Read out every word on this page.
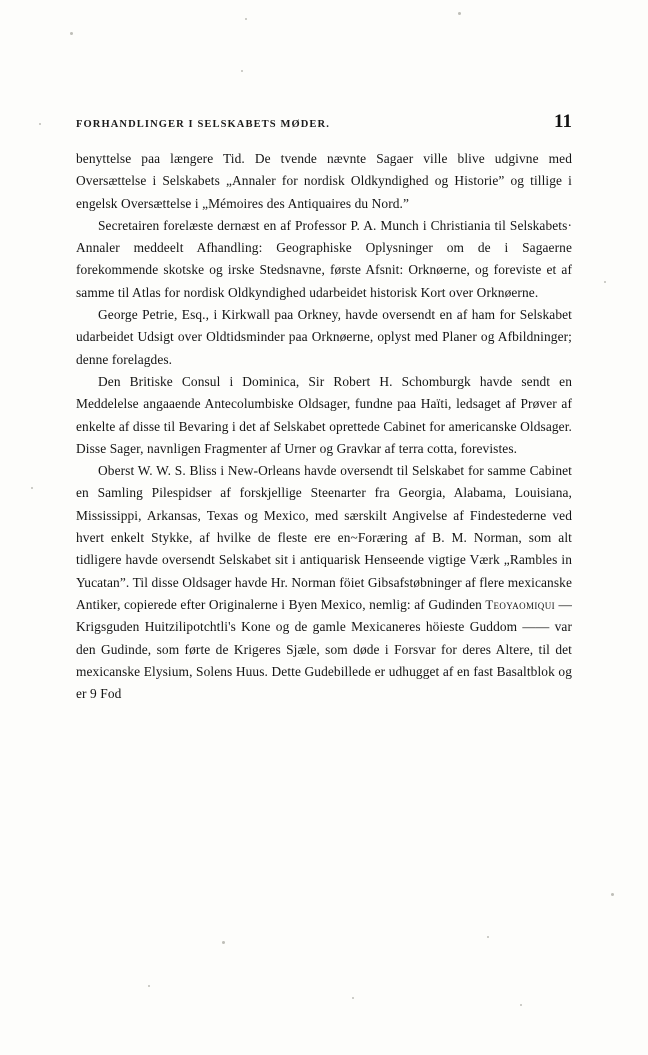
FORHANDLINGER I SELSKABETS MØDER.	11

benyttelse paa længere Tid. De tvende nævnte Sagaer ville blive udgivne med Oversættelse i Selskabets „Annaler for nordisk Oldkyndighed og Historie” og tillige i engelsk Oversættelse i „Mémoires des Antiquaires du Nord.”

Secretairen forelæste dernæst en af Professor P. A. Munch i Christiania til Selskabets· Annaler meddeelt Afhandling: Geographiske Oplysninger om de i Sagaerne forekommende skotske og irske Stedsnavne, første Afsnit: Orknøerne, og foreviste et af samme til Atlas for nordisk Oldkyndighed udarbeidet historisk Kort over Orknøerne.

George Petrie, Esq., i Kirkwall paa Orkney, havde oversendt en af ham for Selskabet udarbeidet Udsigt over Oldtidsminder paa Orknøerne, oplyst med Planer og Afbildninger; denne forelagdes.

Den Britiske Consul i Dominica, Sir Robert H. Schomburgk havde sendt en Meddelelse angaaende Antecolumbiske Oldsager, fundne paa Haïti, ledsaget af Prøver af enkelte af disse til Bevaring i det af Selskabet oprettede Cabinet for americanske Oldsager. Disse Sager, navnligen Fragmenter af Urner og Gravkar af terra cotta, forevistes.

Oberst W. W. S. Bliss i New-Orleans havde oversendt til Selskabet for samme Cabinet en Samling Pilespidser af forskjellige Steenarter fra Georgia, Alabama, Louisiana, Mississippi, Arkansas, Texas og Mexico, med særskilt Angivelse af Findestederne ved hvert enkelt Stykke, af hvilke de fleste ere en~Foræring af B. M. Norman, som alt tidligere havde oversendt Selskabet sit i antiquarisk Henseende vigtige Værk „Rambles in Yucatan”. Til disse Oldsager havde Hr. Norman föiet Gibsafstøbninger af flere mexicanske Antiker, copierede efter Originalerne i Byen Mexico, nemlig: af Gudinden Teoyaomiqui — Krigsguden Huitzilipotchtli's Kone og de gamle Mexicaneres höieste Guddom —— var den Gudinde, som førte de Krigeres Sjæle, som døde i Forsvar for deres Altere, til det mexicanske Elysium, Solens Huus. Dette Gudebillede er udhugget af en fast Basaltblok og er 9 Fod
